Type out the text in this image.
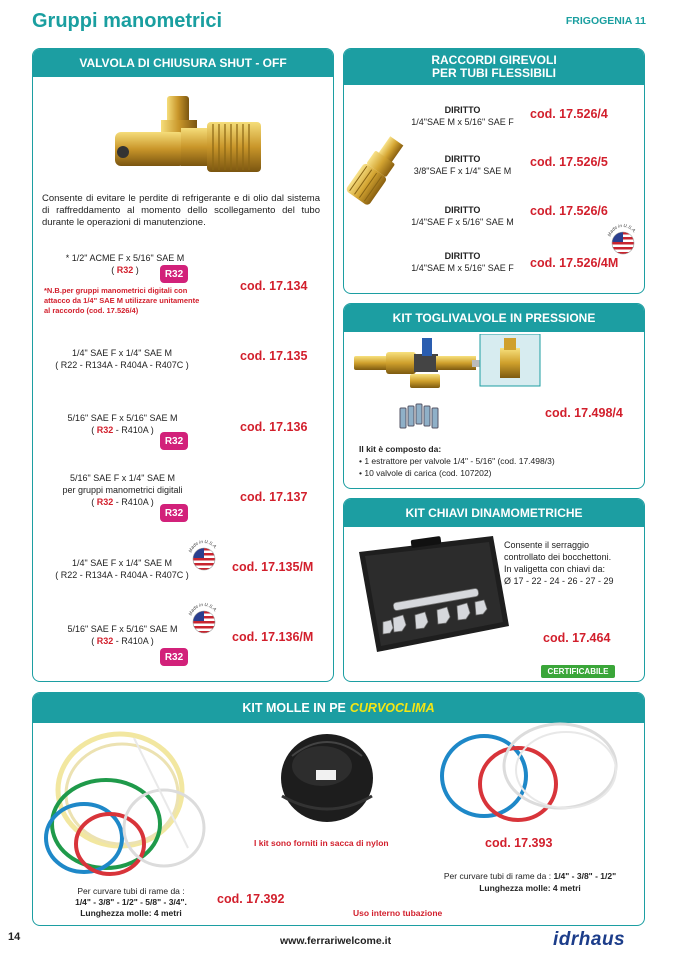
Gruppi manometrici	FRIGOGENIA 11
VALVOLA DI CHIUSURA SHUT - OFF
Consente di evitare le perdite di refrigerante e di olio dal sistema di raffreddamento al momento dello scollegamento del tubo durante le operazioni di manutenzione.
* 1/2" ACME F x 5/16" SAE M
( R32 )	R32
cod. 17.134
*N.B.per gruppi manometrici digitali con
attacco da 1/4" SAE M utilizzare unitamente
al raccordo (cod. 17.526/4)
1/4" SAE F x 1/4" SAE M
( R22 - R134A - R404A - R407C )
cod. 17.135
5/16" SAE F x 5/16" SAE M
( R32 - R410A )
R32
cod. 17.136
5/16" SAE F x 1/4" SAE M
per gruppi manometrici digitali
( R32 - R410A )
R32
cod. 17.137
1/4" SAE F x 1/4" SAE M
( R22 - R134A - R404A - R407C )
Made in U.S.A.
cod. 17.135/M
5/16" SAE F x 5/16" SAE M
( R32 - R410A )
Made in U.S.A.
R32
cod. 17.136/M
RACCORDI GIREVOLI
PER TUBI FLESSIBILI
DIRITTO
1/4"SAE M x 5/16" SAE F
cod. 17.526/4
DIRITTO
3/8"SAE F x 1/4" SAE M
cod. 17.526/5
DIRITTO
1/4"SAE F x 5/16" SAE M
cod. 17.526/6
DIRITTO
1/4"SAE M x 5/16" SAE F
Made in U.S.A.
cod. 17.526/4M
KIT TOGLIVALVOLE IN PRESSIONE
cod. 17.498/4
Il kit è composto da:
• 1 estrattore per valvole 1/4" - 5/16" (cod. 17.498/3)
• 10 valvole di carica (cod. 107202)
KIT CHIAVI DINAMOMETRICHE
Consente il serraggio
controllato dei bocchettoni.
In valigetta con chiavi da:
Ø 17 - 22 - 24 - 26 - 27 - 29
cod. 17.464
CERTIFICABILE
KIT MOLLE IN PE CURVOCLIMA
Per curvare tubi di rame da :
1/4" - 3/8" - 1/2" - 5/8" - 3/4".
Lunghezza molle: 4 metri
cod. 17.392
I kit sono forniti in sacca di nylon	cod. 17.393
Per curvare tubi di rame da : 1/4" - 3/8" - 1/2"
Lunghezza molle: 4 metri
Uso interno tubazione
14	www.ferrariwelcome.it	idrhaus
